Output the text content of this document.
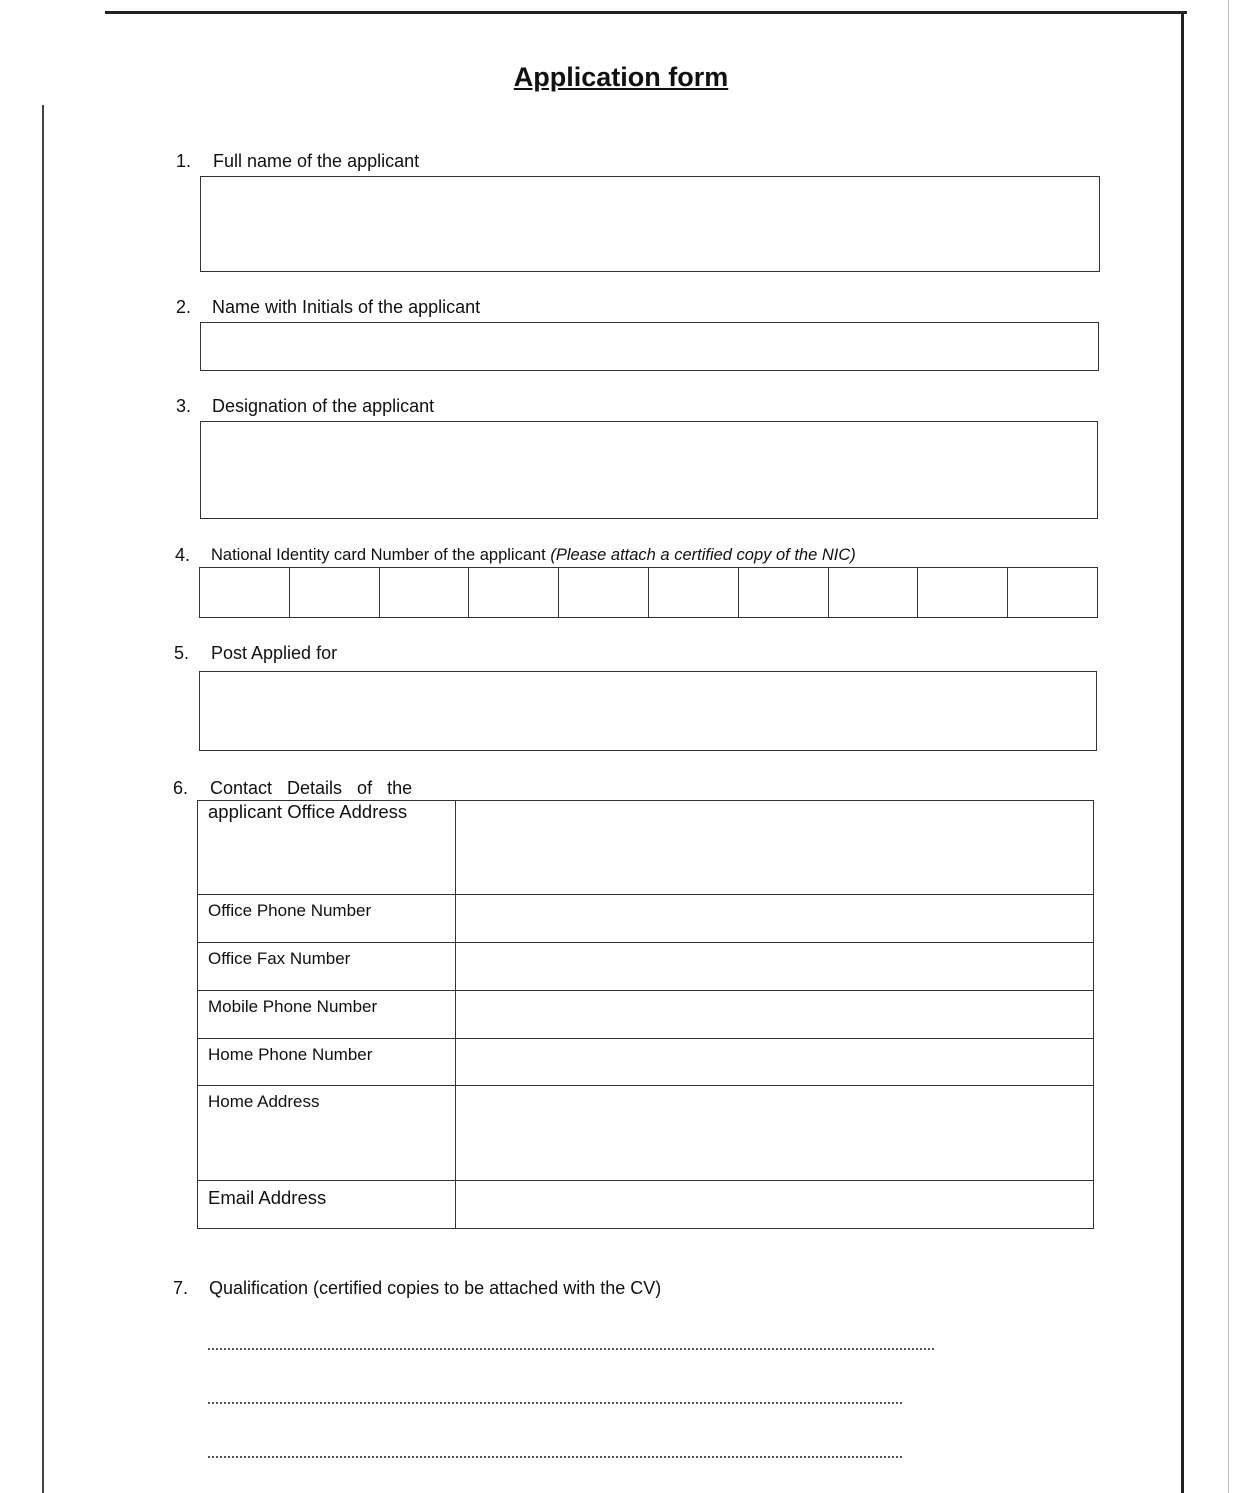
Application form
1. Full name of the applicant
2. Name with Initials of the applicant
3. Designation of the applicant
4. National Identity card Number of the applicant (Please attach a certified copy of the NIC)
5. Post Applied for
6. Contact   Details   of   the
applicant Office Address	
Office Phone Number	
Office Fax Number	
Mobile Phone Number	
Home Phone Number	
Home Address	
Email Address	
7. Qualification (certified copies to be attached with the CV)
